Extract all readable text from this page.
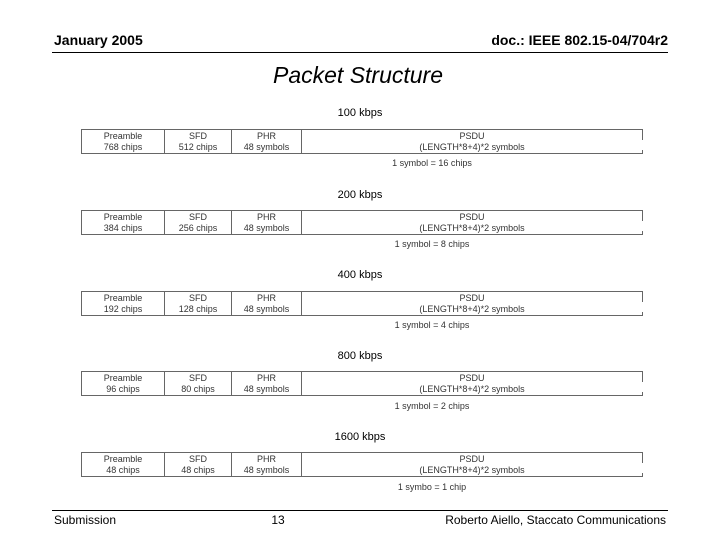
January 2005	doc.: IEEE 802.15-04/704r2
Packet Structure
100 kbps
Preamble
768 chips
SFD
512 chips
PHR
48 symbols
PSDU
(LENGTH*8+4)*2 symbols
1 symbol = 16 chips
200 kbps
Preamble
384 chips
SFD
256 chips
PHR
48 symbols
PSDU
(LENGTH*8+4)*2 symbols
1 symbol = 8 chips
400 kbps
Preamble
192 chips
SFD
128 chips
PHR
48 symbols
PSDU
(LENGTH*8+4)*2 symbols
1 symbol = 4 chips
800 kbps
Preamble
96 chips
SFD
80 chips
PHR
48 symbols
PSDU
(LENGTH*8+4)*2 symbols
1 symbol = 2 chips
1600 kbps
Preamble
48 chips
SFD
48 chips
PHR
48 symbols
PSDU
(LENGTH*8+4)*2 symbols
1 symbo = 1 chip
Submission	13	Roberto Aiello, Staccato Communications
